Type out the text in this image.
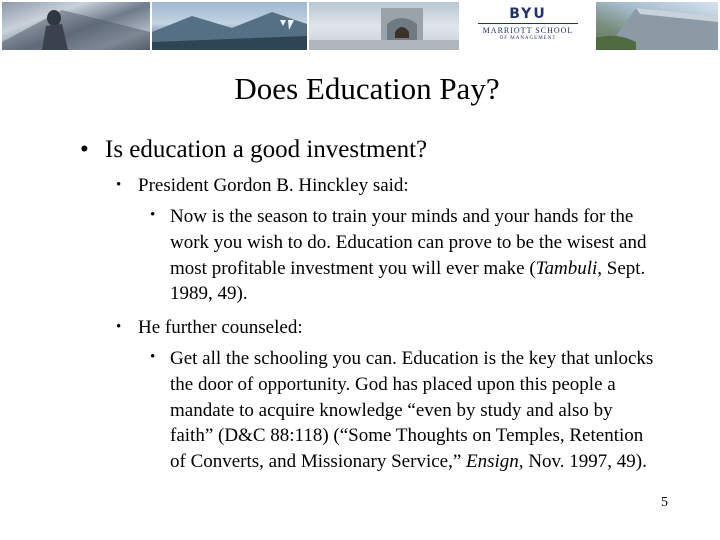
BYU
MARRIOTT SCHOOL
OF MANAGEMENT
Does Education Pay?
• Is education a good investment?
• President Gordon B. Hinckley said:
• Now is the season to train your minds and your hands for the work you wish to do. Education can prove to be the wisest and most profitable investment you will ever make (Tambuli, Sept. 1989, 49).
• He further counseled:
• Get all the schooling you can. Education is the key that unlocks the door of opportunity. God has placed upon this people a mandate to acquire knowledge “even by study and also by faith” (D&C 88:118) (“Some Thoughts on Temples, Retention of Converts, and Missionary Service,” Ensign, Nov. 1997, 49).
5
